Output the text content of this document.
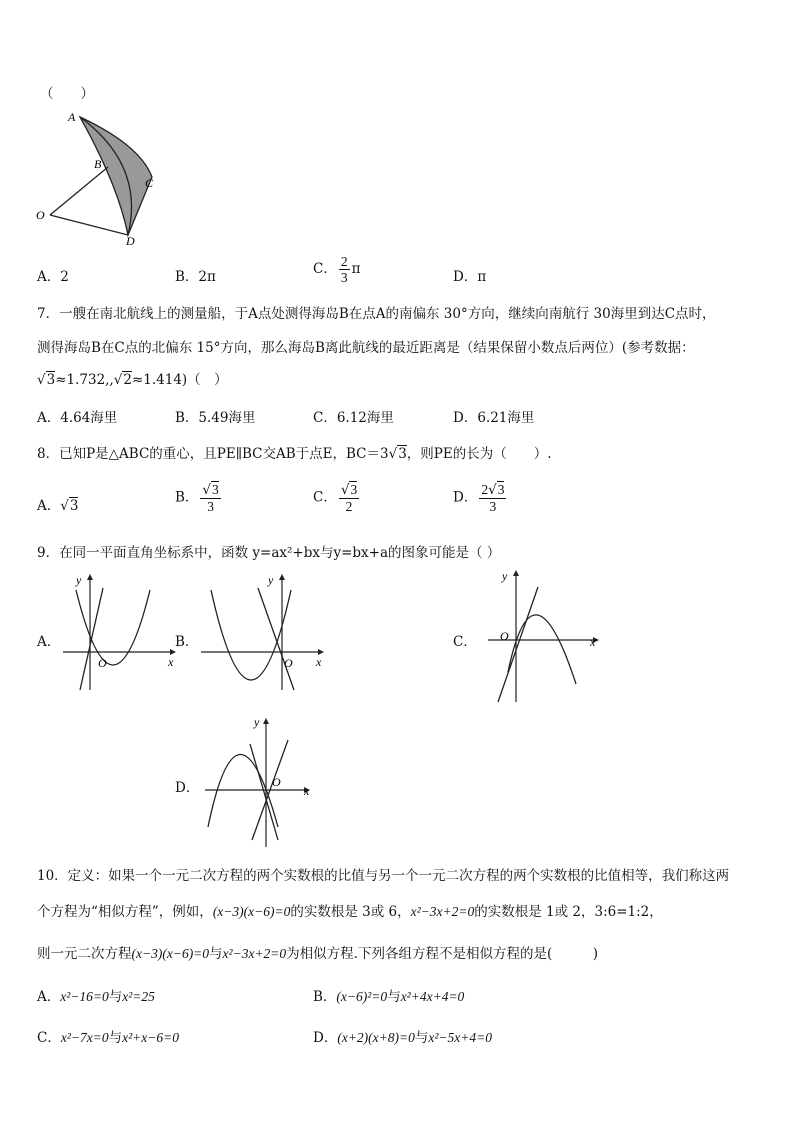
（　　）
A
B
C
O
D
A．2	B．2π	C． $\frac{2}{3}$ π	D．π
7．一艘在南北航线上的测量船，于A点处测得海岛B在点A的南偏东 30°方向，继续向南航行 30海里到达C点时，
测得海岛B在C点的北偏东 15°方向，那么海岛B离此航线的最近距离是（结果保留小数点后两位）(参考数据：
√3≈1.732,,√2≈1.414)（　）
A．4.64海里	B．5.49海里	C．6.12海里	D．6.21海里
8．已知P是△ABC的重心，且PE∥BC交AB于点E，BC＝3√3，则PE的长为（　　）.
A．√3
B． $\frac{√3}{3}$	C． $\frac{√3}{2}$	D． $\frac{2√3}{3}$
9．在同一平面直角坐标系中，函数 y=ax²+bx与y=bx+a的图象可能是（ ）
A．
x
y
O
B．
x
y
O
C．	x
y
O
D．	x
y
O
10．定义：如果一个一元二次方程的两个实数根的比值与另一个一元二次方程的两个实数根的比值相等，我们称这两
个方程为“相似方程”，例如，(x−3)(x−6)=0的实数根是 3或 6，x²−3x+2=0的实数根是 1或 2，3:6=1:2，
则一元二次方程(x−3)(x−6)=0与x²−3x+2=0为相似方程.下列各组方程不是相似方程的是(　　　)
A．x²−16=0与x²=25	B．(x−6)²=0与x²+4x+4=0
C．x²−7x=0与x²+x−6=0	D．(x+2)(x+8)=0与x²−5x+4=0
